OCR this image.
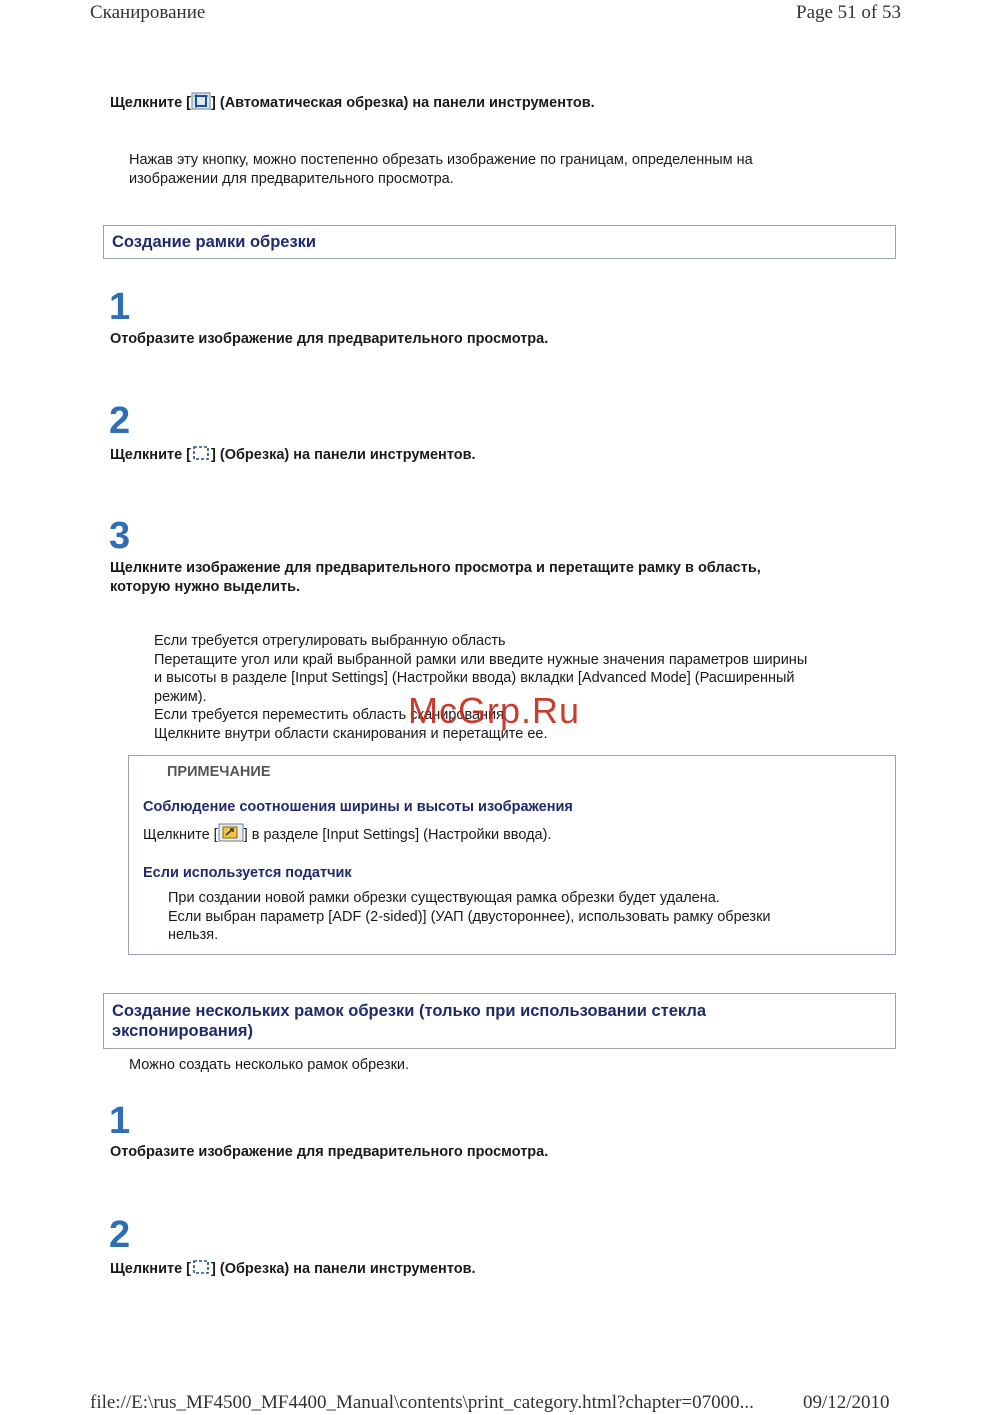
Сканирование	Page 51 of 53
Щелкните [ ] (Автоматическая обрезка) на панели инструментов.
Нажав эту кнопку, можно постепенно обрезать изображение по границам, определенным на
изображении для предварительного просмотра.
Создание рамки обрезки
1
Отобразите изображение для предварительного просмотра.
2
Щелкните [ ] (Обрезка) на панели инструментов.
3
Щелкните изображение для предварительного просмотра и перетащите рамку в область,
которую нужно выделить.
Если требуется отрегулировать выбранную область
Перетащите угол или край выбранной рамки или введите нужные значения параметров ширины
и высоты в разделе [Input Settings] (Настройки ввода) вкладки [Advanced Mode] (Расширенный
режим).
Если требуется переместить область сканирования
Щелкните внутри области сканирования и перетащите ее.
McGrp.Ru
ПРИМЕЧАНИЕ
Соблюдение соотношения ширины и высоты изображения
Щелкните [ ] в разделе [Input Settings] (Настройки ввода).
Если используется податчик
При создании новой рамки обрезки существующая рамка обрезки будет удалена.
Если выбран параметр [ADF (2-sided)] (УАП (двустороннее), использовать рамку обрезки
нельзя.
Создание нескольких рамок обрезки (только при использовании стекла
экспонирования)
Можно создать несколько рамок обрезки.
1
Отобразите изображение для предварительного просмотра.
2
Щелкните [ ] (Обрезка) на панели инструментов.
file://E:\rus_MF4500_MF4400_Manual\contents\print_category.html?chapter=07000...	09/12/2010
